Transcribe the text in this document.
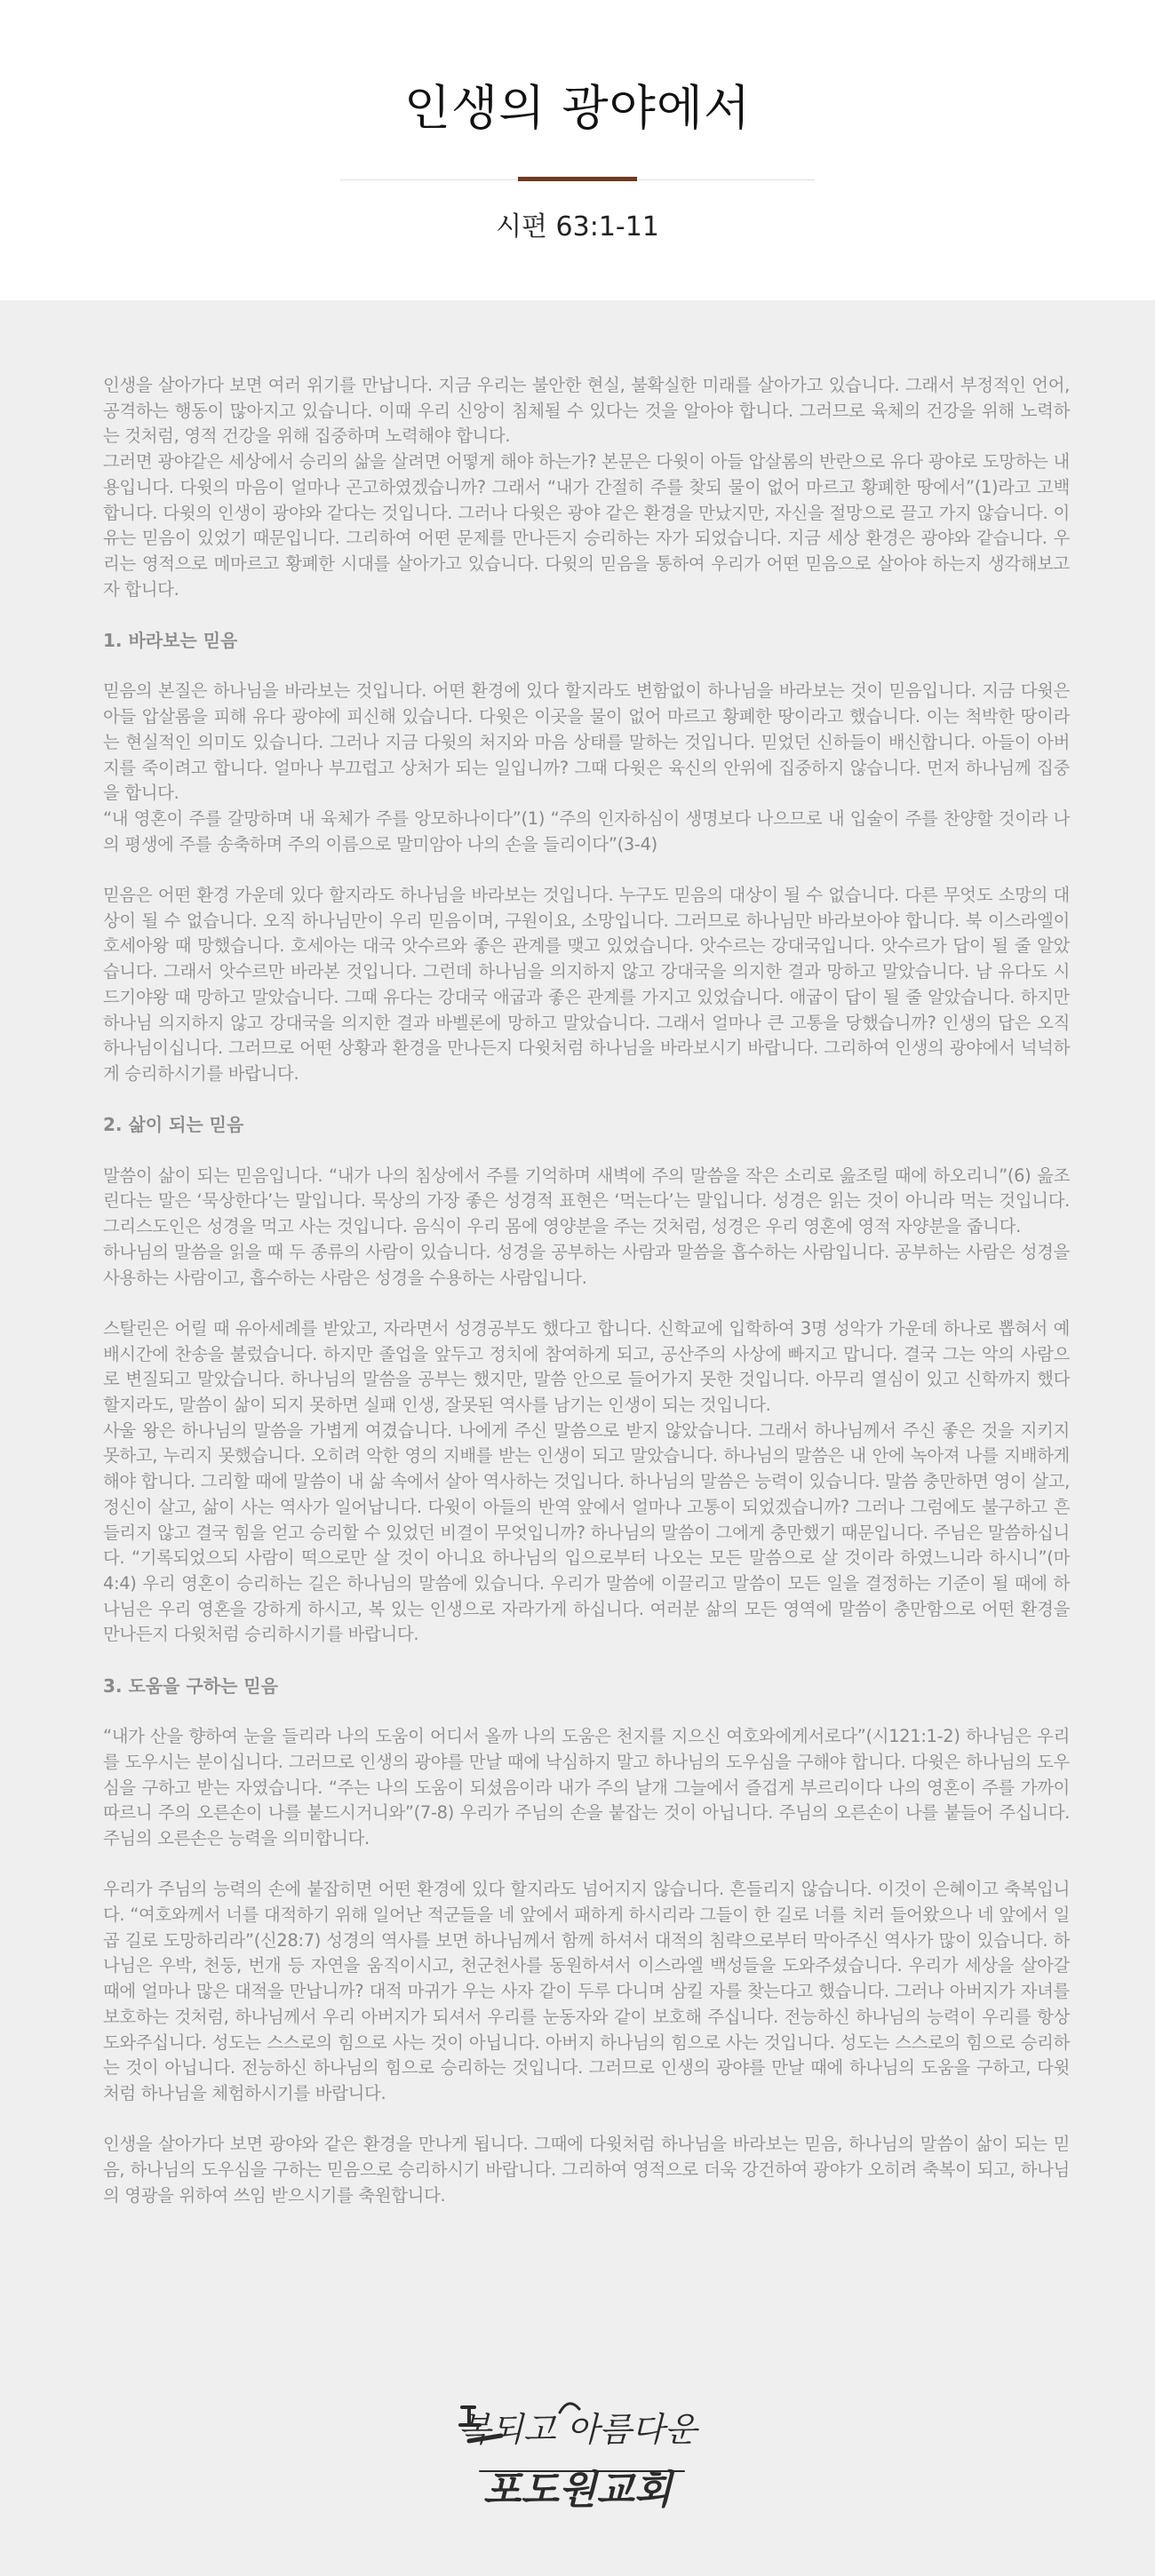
인생의 광야에서
시편 63:1-11

인생을 살아가다 보면 여러 위기를 만납니다. 지금 우리는 불안한 현실, 불확실한 미래를 살아가고 있습니다. 그래서 부정적인 언어, 공격하는 행동이 많아지고 있습니다. 이때 우리 신앙이 침체될 수 있다는 것을 알아야 합니다. 그러므로 육체의 건강을 위해 노력하는 것처럼, 영적 건강을 위해 집중하며 노력해야 합니다.

그러면 광야같은 세상에서 승리의 삶을 살려면 어떻게 해야 하는가? 본문은 다윗이 아들 압살롬의 반란으로 유다 광야로 도망하는 내용입니다. 다윗의 마음이 얼마나 곤고하였겠습니까? 그래서 “내가 간절히 주를 찾되 물이 없어 마르고 황폐한 땅에서”(1)라고 고백합니다. 다윗의 인생이 광야와 같다는 것입니다. 그러나 다윗은 광야 같은 환경을 만났지만, 자신을 절망으로 끌고 가지 않습니다. 이유는 믿음이 있었기 때문입니다. 그리하여 어떤 문제를 만나든지 승리하는 자가 되었습니다. 지금 세상 환경은 광야와 같습니다. 우리는 영적으로 메마르고 황폐한 시대를 살아가고 있습니다. 다윗의 믿음을 통하여 우리가 어떤 믿음으로 살아야 하는지 생각해보고자 합니다.

1. 바라보는 믿음

믿음의 본질은 하나님을 바라보는 것입니다. 어떤 환경에 있다 할지라도 변함없이 하나님을 바라보는 것이 믿음입니다. 지금 다윗은 아들 압살롬을 피해 유다 광야에 피신해 있습니다. 다윗은 이곳을 물이 없어 마르고 황폐한 땅이라고 했습니다. 이는 척박한 땅이라는 현실적인 의미도 있습니다. 그러나 지금 다윗의 처지와 마음 상태를 말하는 것입니다. 믿었던 신하들이 배신합니다. 아들이 아버지를 죽이려고 합니다. 얼마나 부끄럽고 상처가 되는 일입니까? 그때 다윗은 육신의 안위에 집중하지 않습니다. 먼저 하나님께 집중을 합니다.

“내 영혼이 주를 갈망하며 내 육체가 주를 앙모하나이다”(1) “주의 인자하심이 생명보다 나으므로 내 입술이 주를 찬양할 것이라 나의 평생에 주를 송축하며 주의 이름으로 말미암아 나의 손을 들리이다”(3-4)

믿음은 어떤 환경 가운데 있다 할지라도 하나님을 바라보는 것입니다. 누구도 믿음의 대상이 될 수 없습니다. 다른 무엇도 소망의 대상이 될 수 없습니다. 오직 하나님만이 우리 믿음이며, 구원이요, 소망입니다. 그러므로 하나님만 바라보아야 합니다. 북 이스라엘이 호세아왕 때 망했습니다. 호세아는 대국 앗수르와 좋은 관계를 맺고 있었습니다. 앗수르는 강대국입니다. 앗수르가 답이 될 줄 알았습니다. 그래서 앗수르만 바라본 것입니다. 그런데 하나님을 의지하지 않고 강대국을 의지한 결과 망하고 말았습니다. 남 유다도 시드기야왕 때 망하고 말았습니다. 그때 유다는 강대국 애굽과 좋은 관계를 가지고 있었습니다. 애굽이 답이 될 줄 알았습니다. 하지만 하나님 의지하지 않고 강대국을 의지한 결과 바벨론에 망하고 말았습니다. 그래서 얼마나 큰 고통을 당했습니까? 인생의 답은 오직 하나님이십니다. 그러므로 어떤 상황과 환경을 만나든지 다윗처럼 하나님을 바라보시기 바랍니다. 그리하여 인생의 광야에서 넉넉하게 승리하시기를 바랍니다.

2. 삶이 되는 믿음

말씀이 삶이 되는 믿음입니다. “내가 나의 침상에서 주를 기억하며 새벽에 주의 말씀을 작은 소리로 읊조릴 때에 하오리니”(6) 읊조린다는 말은 ‘묵상한다’는 말입니다. 묵상의 가장 좋은 성경적 표현은 ‘먹는다’는 말입니다. 성경은 읽는 것이 아니라 먹는 것입니다. 그리스도인은 성경을 먹고 사는 것입니다. 음식이 우리 몸에 영양분을 주는 것처럼, 성경은 우리 영혼에 영적 자양분을 줍니다.

하나님의 말씀을 읽을 때 두 종류의 사람이 있습니다. 성경을 공부하는 사람과 말씀을 흡수하는 사람입니다. 공부하는 사람은 성경을 사용하는 사람이고, 흡수하는 사람은 성경을 수용하는 사람입니다.

스탈린은 어릴 때 유아세례를 받았고, 자라면서 성경공부도 했다고 합니다. 신학교에 입학하여 3명 성악가 가운데 하나로 뽑혀서 예배시간에 찬송을 불렀습니다. 하지만 졸업을 앞두고 정치에 참여하게 되고, 공산주의 사상에 빠지고 맙니다. 결국 그는 악의 사람으로 변질되고 말았습니다. 하나님의 말씀을 공부는 했지만, 말씀 안으로 들어가지 못한 것입니다. 아무리 열심이 있고 신학까지 했다 할지라도, 말씀이 삶이 되지 못하면 실패 인생, 잘못된 역사를 남기는 인생이 되는 것입니다.

사울 왕은 하나님의 말씀을 가볍게 여겼습니다. 나에게 주신 말씀으로 받지 않았습니다. 그래서 하나님께서 주신 좋은 것을 지키지 못하고, 누리지 못했습니다. 오히려 악한 영의 지배를 받는 인생이 되고 말았습니다. 하나님의 말씀은 내 안에 녹아져 나를 지배하게 해야 합니다. 그리할 때에 말씀이 내 삶 속에서 살아 역사하는 것입니다. 하나님의 말씀은 능력이 있습니다. 말씀 충만하면 영이 살고, 정신이 살고, 삶이 사는 역사가 일어납니다. 다윗이 아들의 반역 앞에서 얼마나 고통이 되었겠습니까? 그러나 그럼에도 불구하고 흔들리지 않고 결국 힘을 얻고 승리할 수 있었던 비결이 무엇입니까? 하나님의 말씀이 그에게 충만했기 때문입니다. 주님은 말씀하십니다. “기록되었으되 사람이 떡으로만 살 것이 아니요 하나님의 입으로부터 나오는 모든 말씀으로 살 것이라 하였느니라 하시니”(마4:4) 우리 영혼이 승리하는 길은 하나님의 말씀에 있습니다. 우리가 말씀에 이끌리고 말씀이 모든 일을 결정하는 기준이 될 때에 하나님은 우리 영혼을 강하게 하시고, 복 있는 인생으로 자라가게 하십니다. 여러분 삶의 모든 영역에 말씀이 충만함으로 어떤 환경을 만나든지 다윗처럼 승리하시기를 바랍니다.

3. 도움을 구하는 믿음

“내가 산을 향하여 눈을 들리라 나의 도움이 어디서 올까 나의 도움은 천지를 지으신 여호와에게서로다”(시121:1-2) 하나님은 우리를 도우시는 분이십니다. 그러므로 인생의 광야를 만날 때에 낙심하지 말고 하나님의 도우심을 구해야 합니다. 다윗은 하나님의 도우심을 구하고 받는 자였습니다. “주는 나의 도움이 되셨음이라 내가 주의 날개 그늘에서 즐겁게 부르리이다 나의 영혼이 주를 가까이 따르니 주의 오른손이 나를 붙드시거니와”(7-8) 우리가 주님의 손을 붙잡는 것이 아닙니다. 주님의 오른손이 나를 붙들어 주십니다. 주님의 오른손은 능력을 의미합니다.

우리가 주님의 능력의 손에 붙잡히면 어떤 환경에 있다 할지라도 넘어지지 않습니다. 흔들리지 않습니다. 이것이 은혜이고 축복입니다. “여호와께서 너를 대적하기 위해 일어난 적군들을 네 앞에서 패하게 하시리라 그들이 한 길로 너를 치러 들어왔으나 네 앞에서 일곱 길로 도망하리라”(신28:7) 성경의 역사를 보면 하나님께서 함께 하셔서 대적의 침략으로부터 막아주신 역사가 많이 있습니다. 하나님은 우박, 천둥, 번개 등 자연을 움직이시고, 천군천사를 동원하셔서 이스라엘 백성들을 도와주셨습니다. 우리가 세상을 살아갈 때에 얼마나 많은 대적을 만납니까? 대적 마귀가 우는 사자 같이 두루 다니며 삼킬 자를 찾는다고 했습니다. 그러나 아버지가 자녀를 보호하는 것처럼, 하나님께서 우리 아버지가 되셔서 우리를 눈동자와 같이 보호해 주십니다. 전능하신 하나님의 능력이 우리를 항상 도와주십니다. 성도는 스스로의 힘으로 사는 것이 아닙니다. 아버지 하나님의 힘으로 사는 것입니다. 성도는 스스로의 힘으로 승리하는 것이 아닙니다. 전능하신 하나님의 힘으로 승리하는 것입니다. 그러므로 인생의 광야를 만날 때에 하나님의 도움을 구하고, 다윗처럼 하나님을 체험하시기를 바랍니다.

인생을 살아가다 보면 광야와 같은 환경을 만나게 됩니다. 그때에 다윗처럼 하나님을 바라보는 믿음, 하나님의 말씀이 삶이 되는 믿음, 하나님의 도우심을 구하는 믿음으로 승리하시기 바랍니다. 그리하여 영적으로 더욱 강건하여 광야가 오히려 축복이 되고, 하나님의 영광을 위하여 쓰임 받으시기를 축원합니다.

복되고 아름다운
포도원교회
